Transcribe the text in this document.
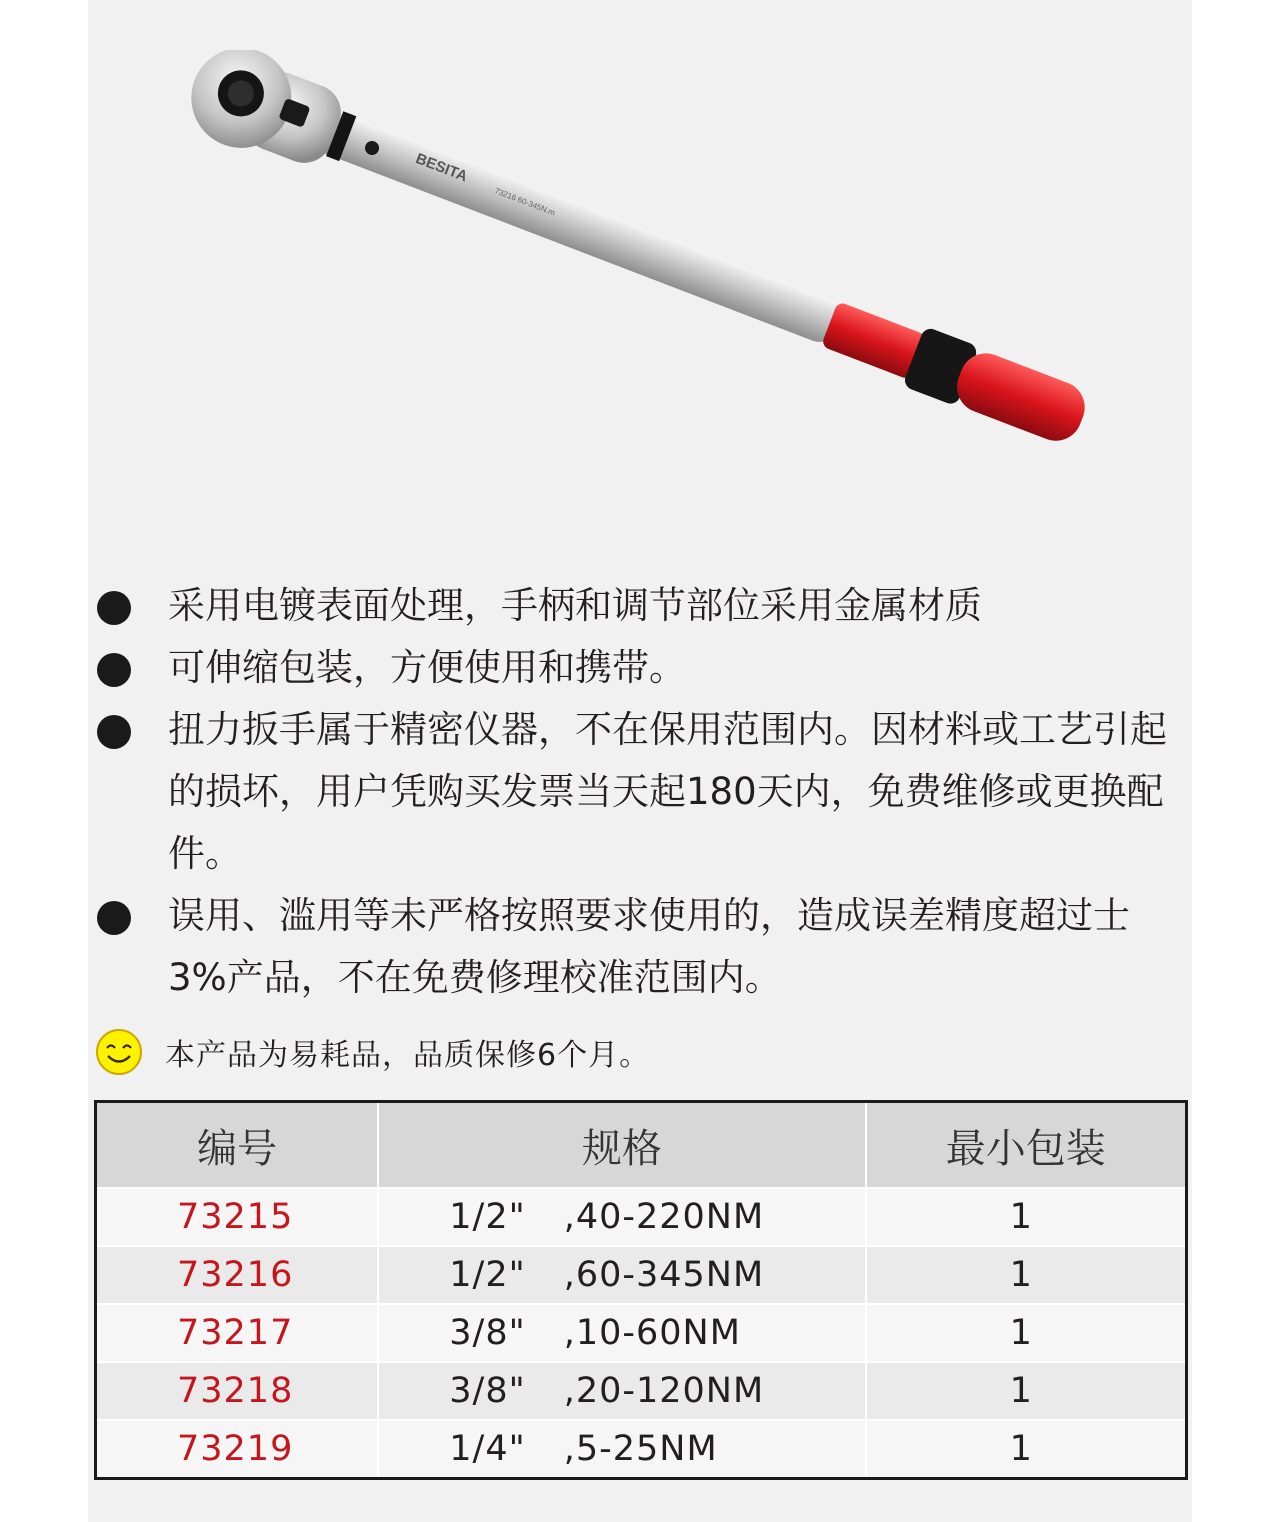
BESITA
73216 60-345N.m
采用电镀表面处理，手柄和调节部位采用金属材质
可伸缩包装，方便使用和携带。
扭力扳手属于精密仪器，不在保用范围内。因材料或工艺引起的损坏，用户凭购买发票当天起180天内，免费维修或更换配件。
误用、滥用等未严格按照要求使用的，造成误差精度超过士3%产品，不在免费修理校准范围内。
本产品为易耗品，品质保修6个月。
编号	规格	最小包装
73215	1/2" ,40-220NM	1
73216	1/2" ,60-345NM	1
73217	3/8" ,10-60NM	1
73218	3/8" ,20-120NM	1
73219	1/4" ,5-25NM	1
